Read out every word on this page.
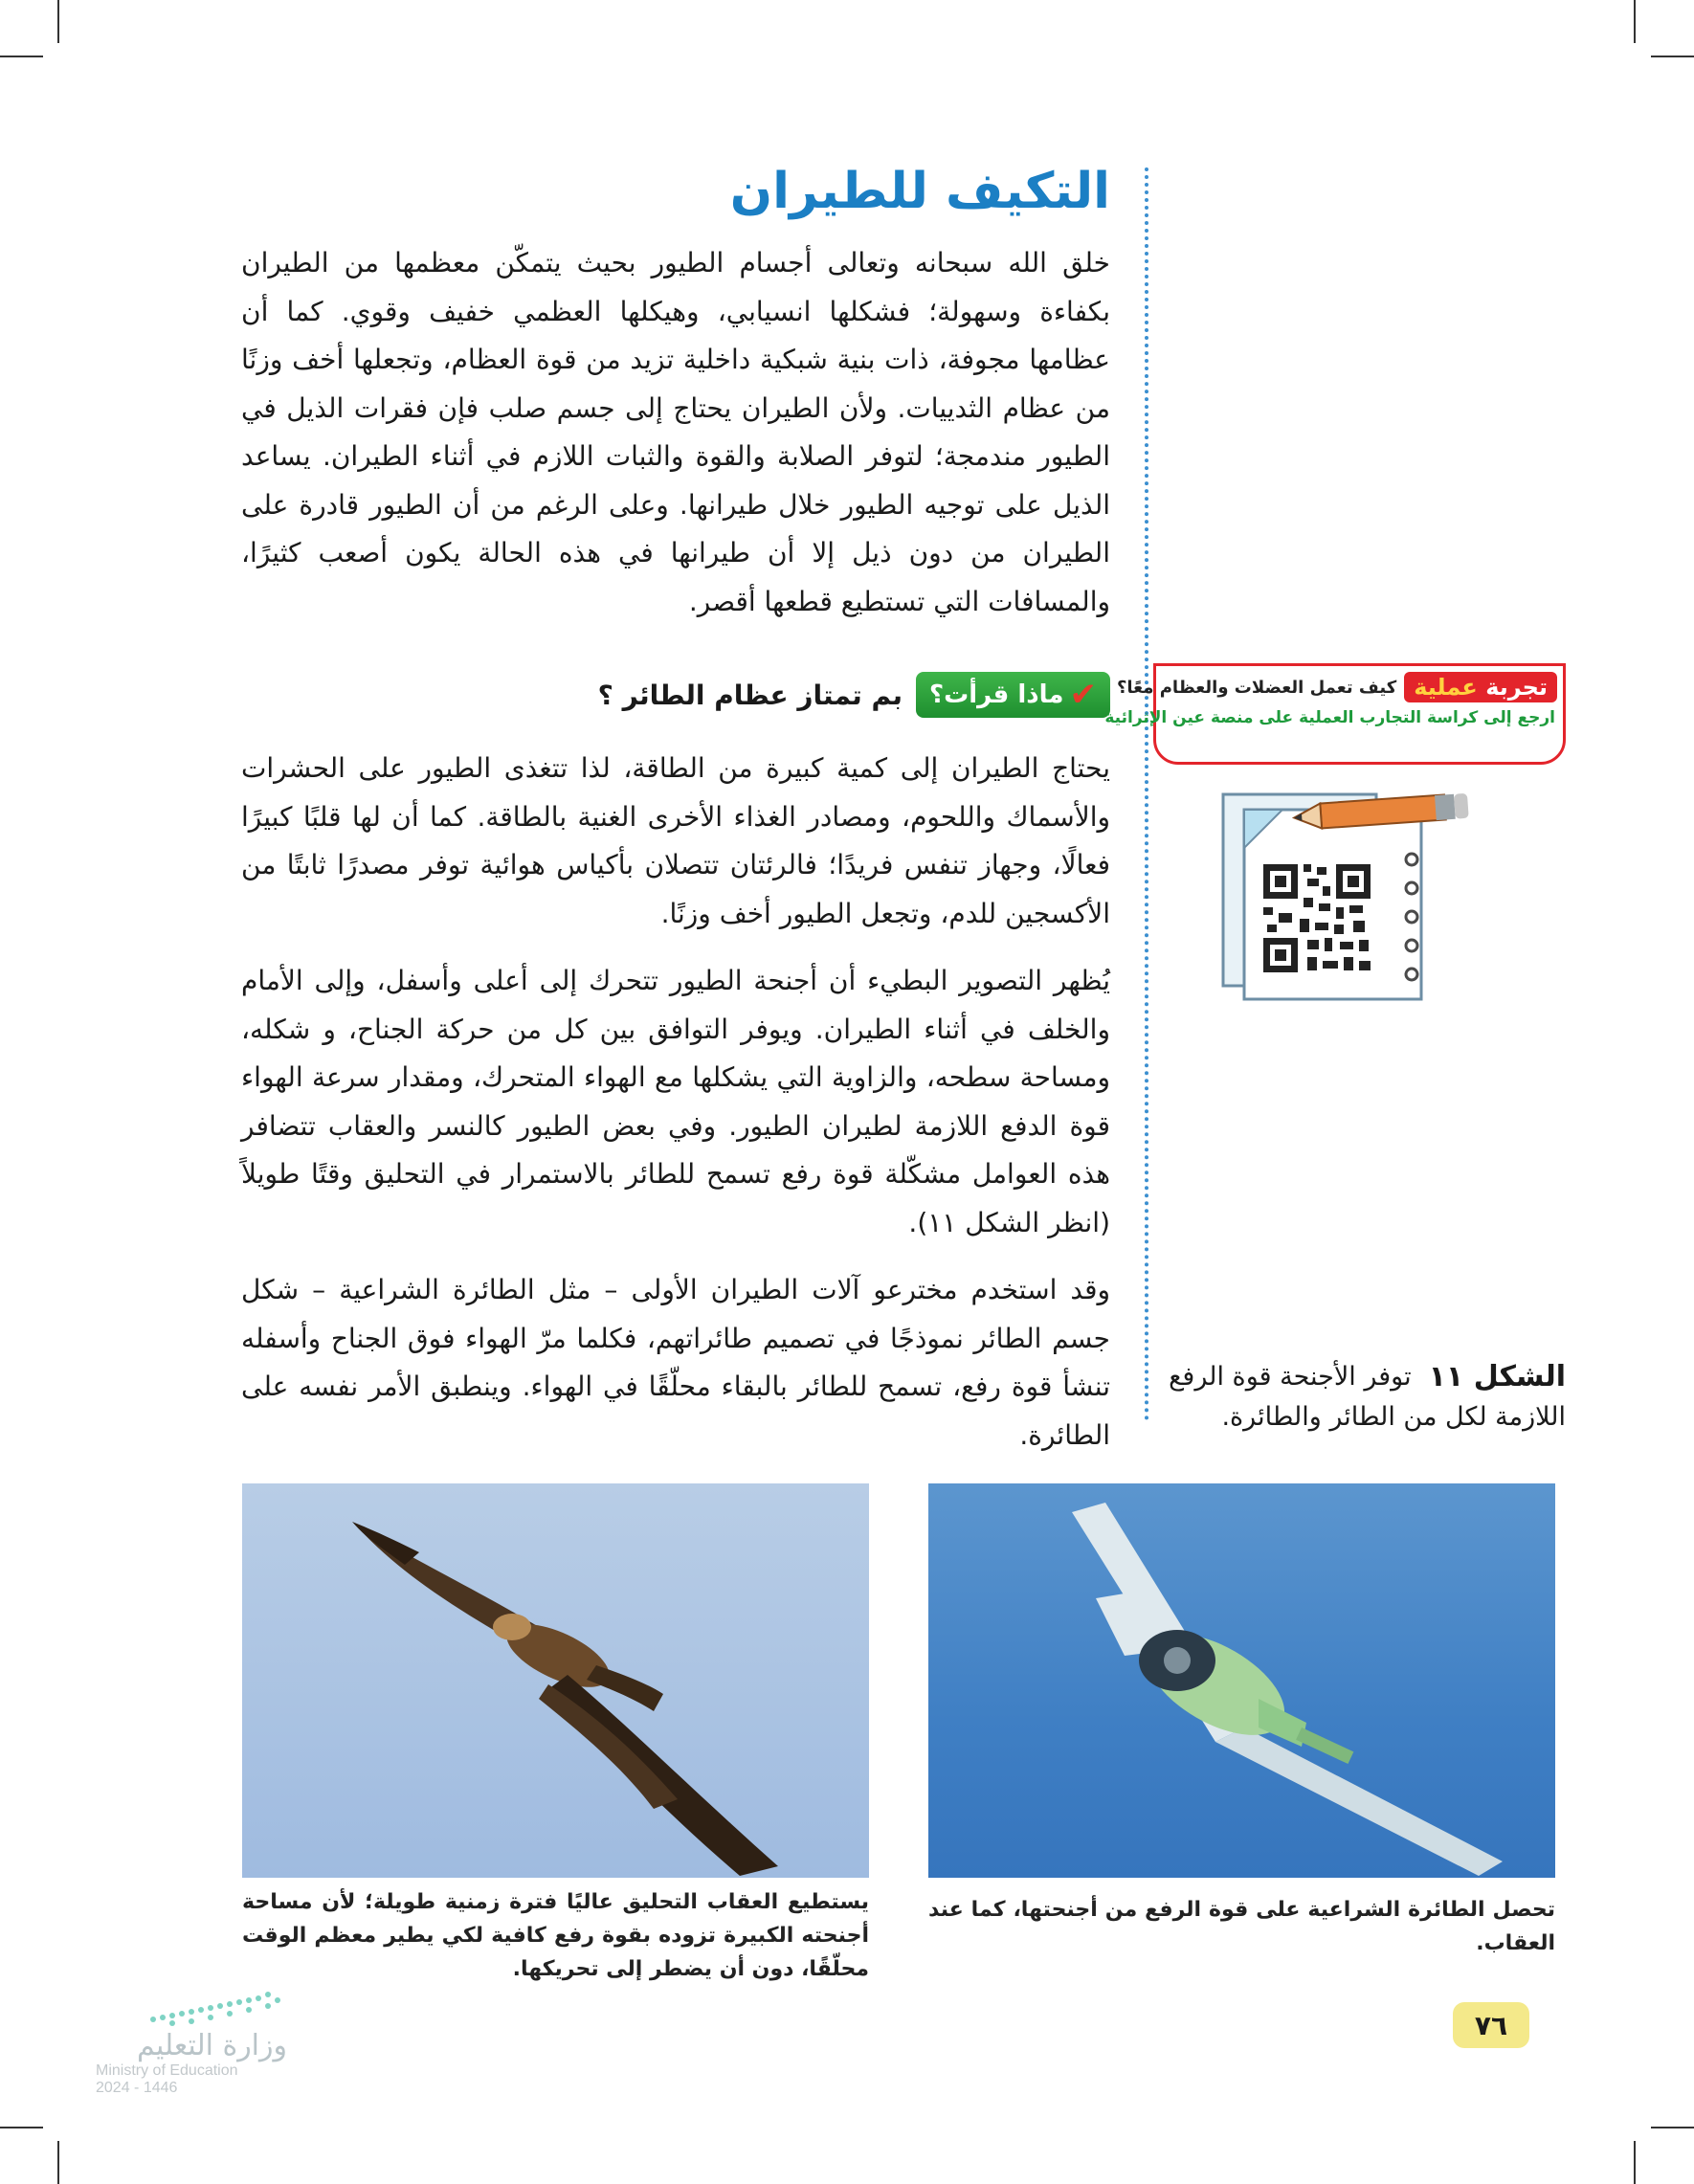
التكيف للطيران

خلق الله سبحانه وتعالى أجسام الطيور بحيث يتمكّن معظمها من الطيران بكفاءة وسهولة؛ فشكلها انسيابي، وهيكلها العظمي خفيف وقوي. كما أن عظامها مجوفة، ذات بنية شبكية داخلية تزيد من قوة العظام، وتجعلها أخف وزنًا من عظام الثدييات. ولأن الطيران يحتاج إلى جسم صلب فإن فقرات الذيل في الطيور مندمجة؛ لتوفر الصلابة والقوة والثبات اللازم في أثناء الطيران. يساعد الذيل على توجيه الطيور خلال طيرانها. وعلى الرغم من أن الطيور قادرة على الطيران من دون ذيل إلا أن طيرانها في هذه الحالة يكون أصعب كثيرًا، والمسافات التي تستطيع قطعها أقصر.

✔
ماذا قرأت؟
بم تمتاز عظام الطائر ؟

يحتاج الطيران إلى كمية كبيرة من الطاقة، لذا تتغذى الطيور على الحشرات والأسماك واللحوم، ومصادر الغذاء الأخرى الغنية بالطاقة. كما أن لها قلبًا كبيرًا فعالًا، وجهاز تنفس فريدًا؛ فالرئتان تتصلان بأكياس هوائية توفر مصدرًا ثابتًا من الأكسجين للدم، وتجعل الطيور أخف وزنًا.

يُظهر التصوير البطيء أن أجنحة الطيور تتحرك إلى أعلى وأسفل، وإلى الأمام والخلف في أثناء الطيران. ويوفر التوافق بين كل من حركة الجناح، و شكله، ومساحة سطحه، والزاوية التي يشكلها مع الهواء المتحرك، ومقدار سرعة الهواء قوة الدفع اللازمة لطيران الطيور. وفي بعض الطيور كالنسر والعقاب تتضافر هذه العوامل مشكّلة قوة رفع تسمح للطائر بالاستمرار في التحليق وقتًا طويلاً (انظر الشكل ١١).

وقد استخدم مخترعو آلات الطيران الأولى – مثل الطائرة الشراعية – شكل جسم الطائر نموذجًا في تصميم طائراتهم، فكلما مرّ الهواء فوق الجناح وأسفله تنشأ قوة رفع، تسمح للطائر بالبقاء محلّقًا في الهواء. وينطبق الأمر نفسه على الطائرة.

تجربة عملية
كيف تعمل العضلات والعظام معًا؟
ارجع إلى كراسة التجارب العملية على منصة عين الإثرائية
الشكل ١١
توفر الأجنحة قوة الرفع اللازمة لكل من الطائر والطائرة.
تحصل الطائرة الشراعية على قوة الرفع من أجنحتها، كما عند العقاب.
يستطيع العقاب التحليق عاليًا فترة زمنية طويلة؛ لأن مساحة أجنحته الكبيرة تزوده بقوة رفع كافية لكي يطير معظم الوقت محلّقًا، دون أن يضطر إلى تحريكها.
٧٦
وزارة التعليم
Ministry of Education
2024 - 1446
